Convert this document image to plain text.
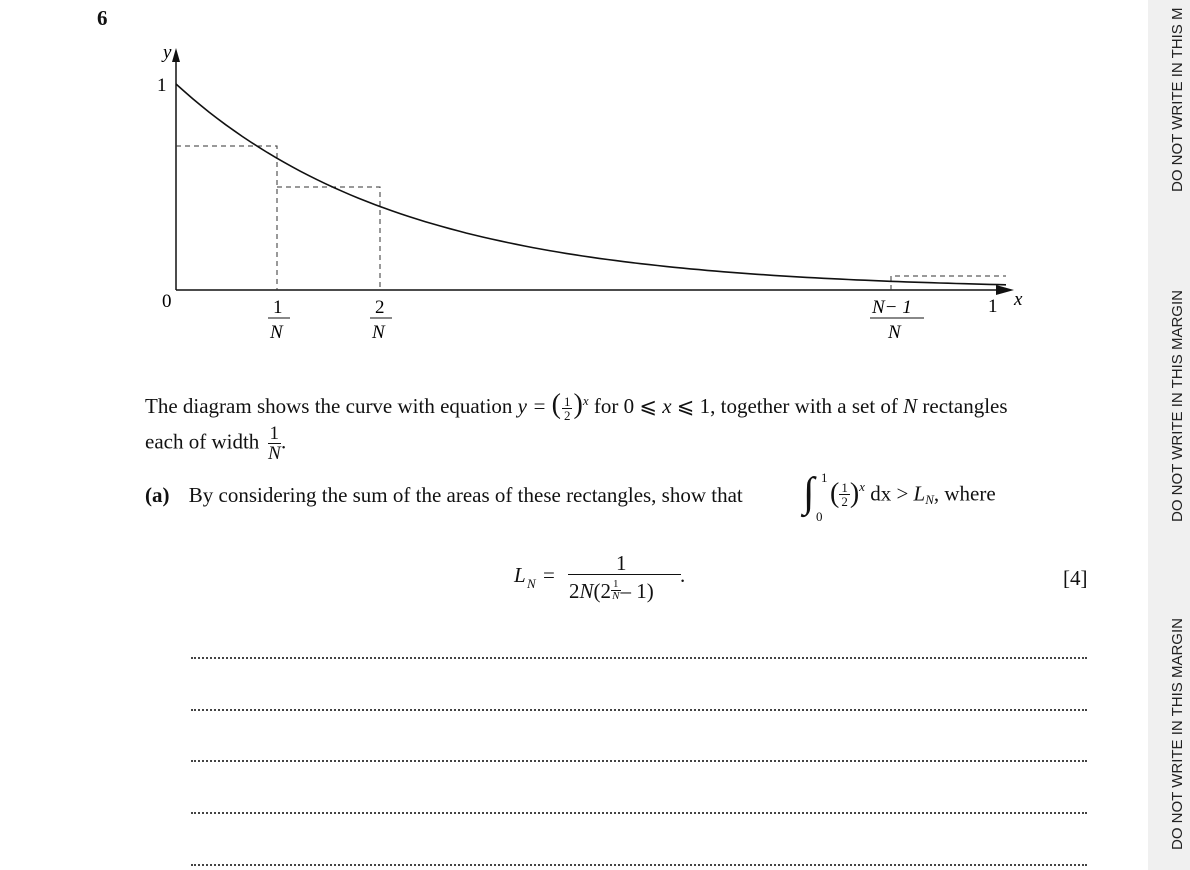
6
y
1
0	1
N
2
N
N− 1
N
1 x
The diagram shows the curve with equation y = ( $\frac{1}{2} )^x$ for 0 ⩽ x ⩽ 1, together with a set of N rectangles
each of width $\frac{1}{N}$ .
(a) By considering the sum of the areas of these rectangles, show that ∫ 1
0
( $\frac{1}{2} )^x$ dx > $L_N$, where
L N =	1
$2N(2 \frac{1}{N} - 1)$
.	[4]
DO NOT WRITE IN THIS M
DO NOT WRITE IN THIS MARGIN
DO NOT WRITE IN THIS MARGIN
